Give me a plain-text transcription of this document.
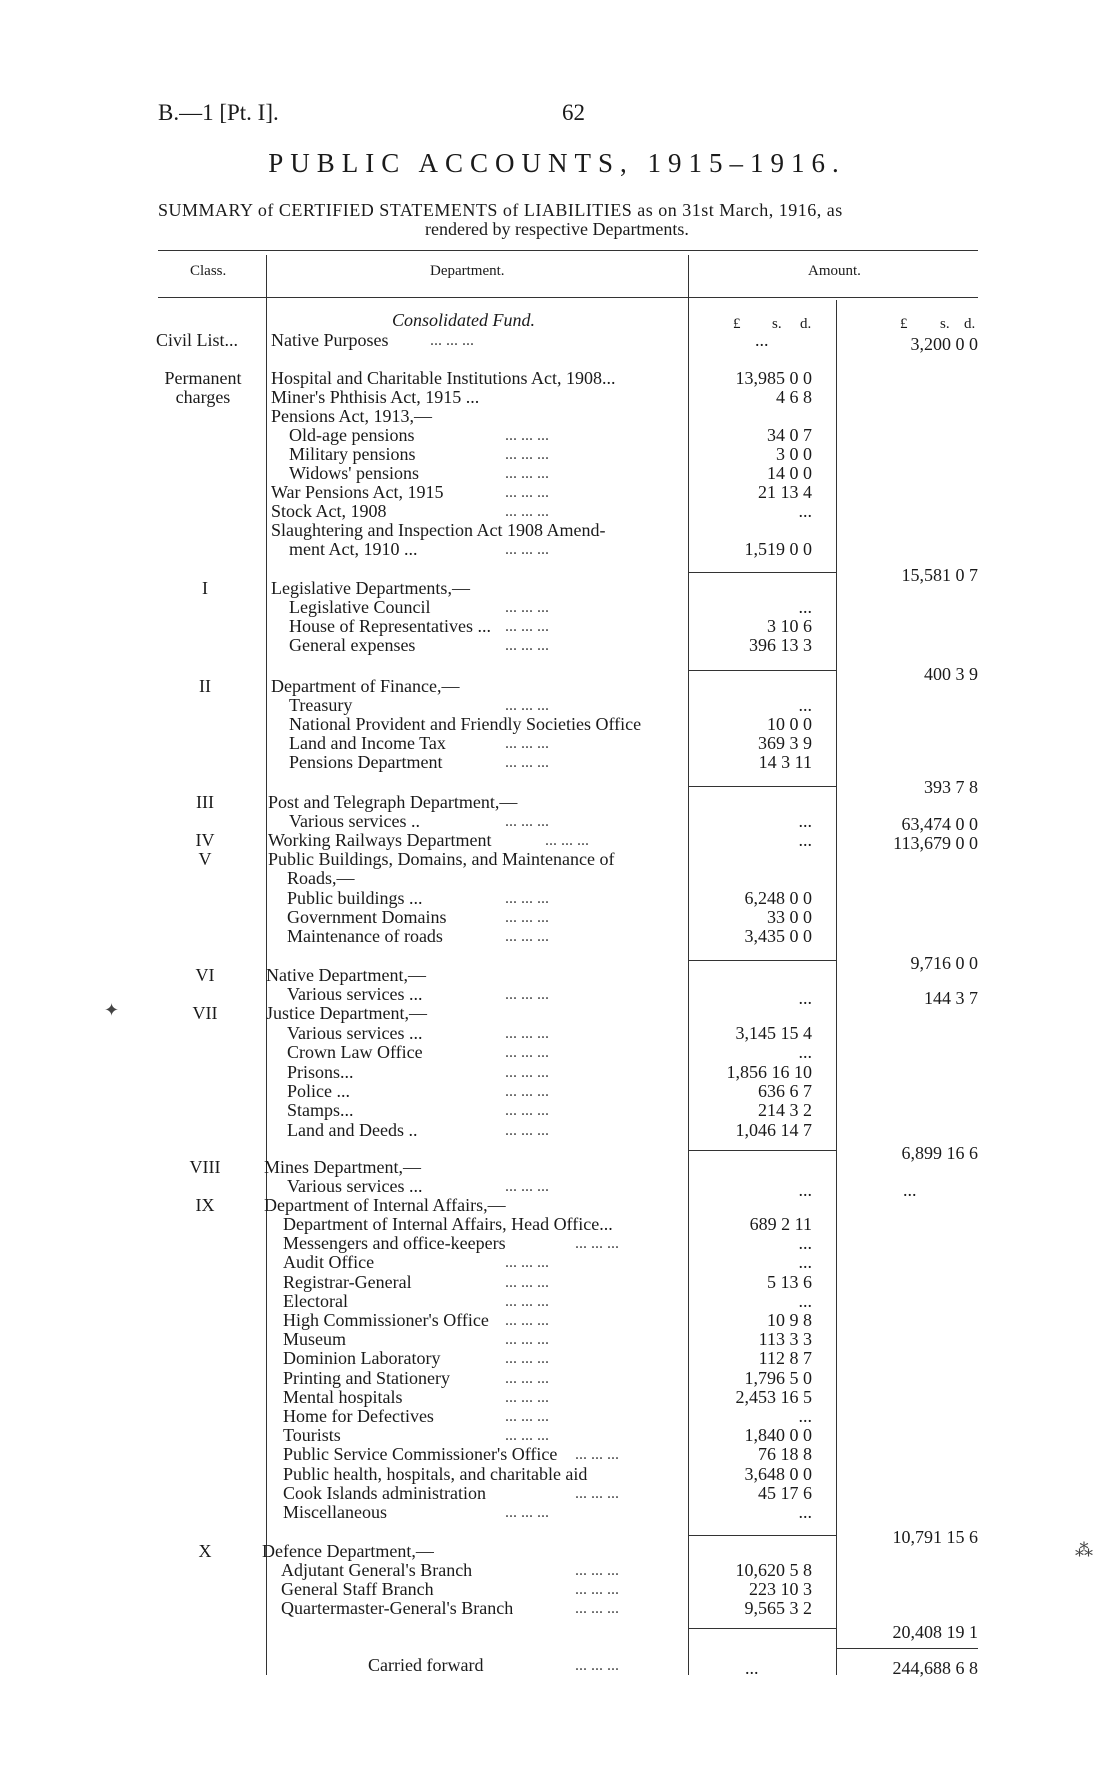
B.—1 [Pt. I].	62
PUBLIC ACCOUNTS, 1915–1916.
SUMMARY of CERTIFIED STATEMENTS of LIABILITIES as on 31st March, 1916, as
rendered by respective Departments.
Class.	Department.	Amount.
Consolidated Fund.	£ s. d.	£ s. d.
Civil List... Native Purposes	... ... ...	...	3,200 0 0
Permanent
charges
Hospital and Charitable Institutions Act, 1908...	13,985 0 0
Miner's Phthisis Act, 1915 ...	4 6 8
Pensions Act, 1913,—
Old-age pensions	... ... ...	34 0 7
Military pensions	... ... ...	3 0 0
Widows' pensions	... ... ...	14 0 0
War Pensions Act, 1915	... ... ...	21 13 4
Stock Act, 1908	... ... ...	...
Slaughtering and Inspection Act 1908 Amend-
ment Act, 1910 ...	... ... ...	1,519 0 0
15,581 0 7
I	Legislative Departments,—
Legislative Council	... ... ...	...
House of Representatives ... ... ... ...	3 10 6
General expenses	... ... ...	396 13 3
400 3 9
II	Department of Finance,—
Treasury	... ... ...	...
National Provident and Friendly Societies Office	10 0 0
Land and Income Tax	... ... ...	369 3 9
Pensions Department	... ... ...	14 3 11
393 7 8
III	Post and Telegraph Department,—
Various services ..	... ... ...	...	63,474 0 0
IV	Working Railways Department	... ... ...	...	113,679 0 0
V	Public Buildings, Domains, and Maintenance of
Roads,—
Public buildings ...	... ... ...	6,248 0 0
Government Domains	... ... ...	33 0 0
Maintenance of roads	... ... ...	3,435 0 0
9,716 0 0
VI	Native Department,—
Various services ...	... ... ...	...	144 3 7
✦	VII	Justice Department,—
Various services ...	... ... ...	3,145 15 4
Crown Law Office	... ... ...	...
Prisons...	... ... ...	1,856 16 10
Police ...	... ... ...	636 6 7
Stamps...	... ... ...	214 3 2
Land and Deeds ..	... ... ...	1,046 14 7
6,899 16 6
VIII	Mines Department,—
Various services ...	... ... ...	...	...
IX	Department of Internal Affairs,—
Department of Internal Affairs, Head Office...	689 2 11
Messengers and office-keepers	... ... ...	...
Audit Office	... ... ...	...
Registrar-General	... ... ...	5 13 6
Electoral	... ... ...	...
High Commissioner's Office ... ... ...	10 9 8
Museum	... ... ...	113 3 3
Dominion Laboratory	... ... ...	112 8 7
Printing and Stationery	... ... ...	1,796 5 0
Mental hospitals	... ... ...	2,453 16 5
Home for Defectives	... ... ...	...
Tourists	... ... ...	1,840 0 0
Public Service Commissioner's Office ... ... ...	76 18 8
Public health, hospitals, and charitable aid	3,648 0 0
Cook Islands administration	... ... ...	45 17 6
Miscellaneous	... ... ...	...
10,791 15 6
X	Defence Department,—
Adjutant General's Branch	... ... ...	10,620 5 8
General Staff Branch	... ... ...	223 10 3
Quartermaster-General's Branch	... ... ...	9,565 3 2
20,408 19 1
Carried forward	... ... ...	...	244,688 6 8
⁂
